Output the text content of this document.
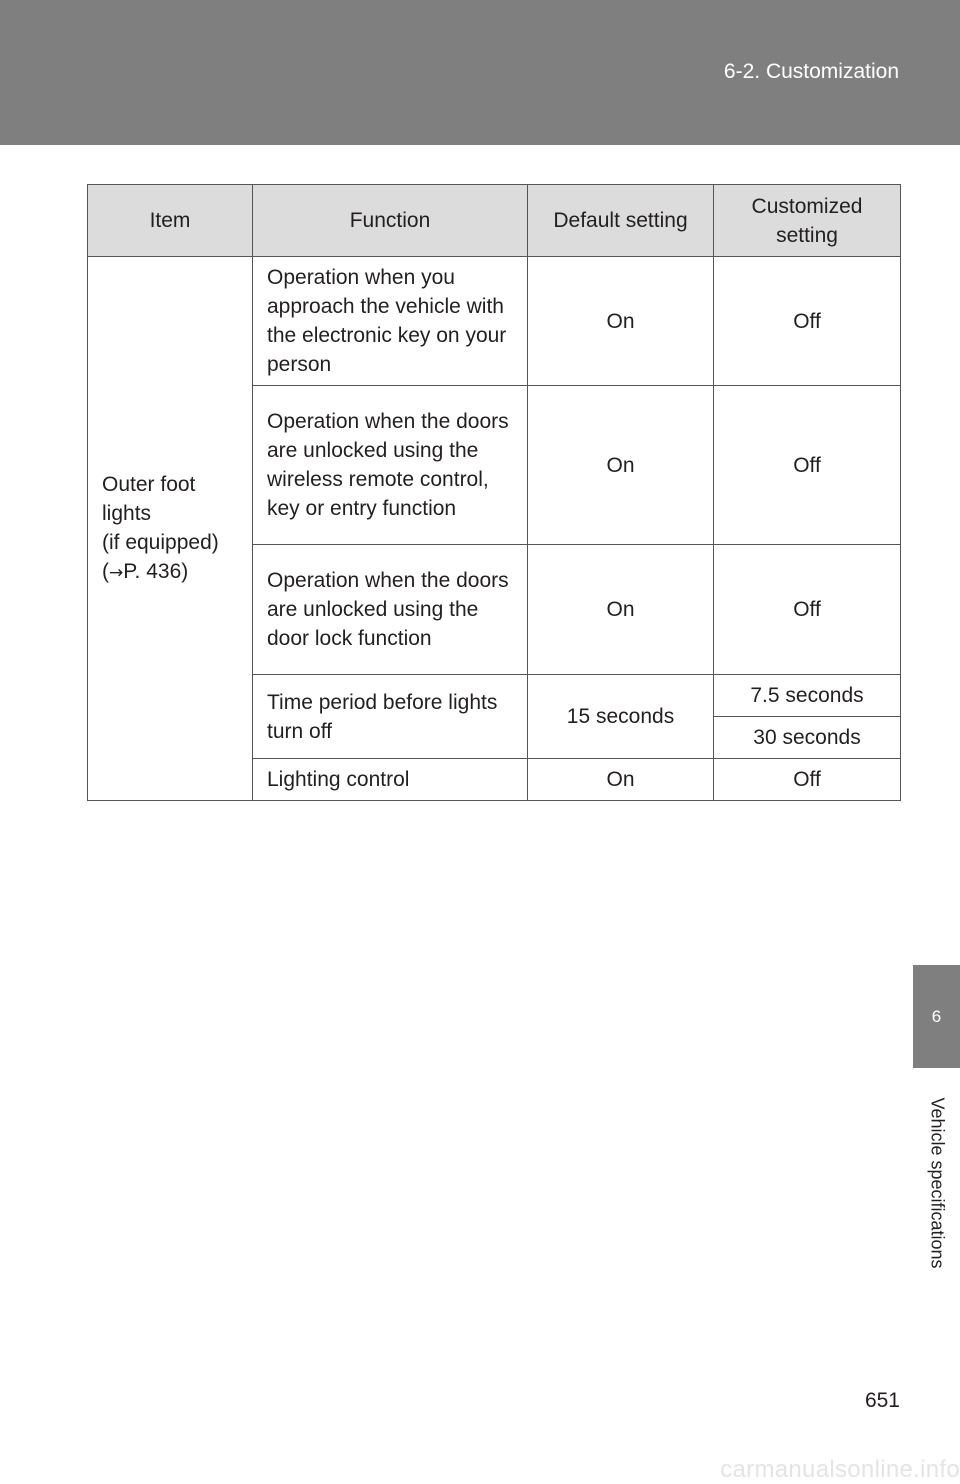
6-2. Customization
Item	Function	Default setting	Customized setting

Outer foot
lights
(if equipped)
(→P. 436)	Operation when you approach the vehicle with the electronic key on your person	On	Off
	Operation when the doors are unlocked using the wireless remote control, key or entry function	On	Off
	Operation when the doors are unlocked using the door lock function	On	Off
	Time period before lights turn off	15 seconds	7.5 seconds
			30 seconds
	Lighting control	On	Off
6
Vehicle specifications
651
carmanualsonline.info
